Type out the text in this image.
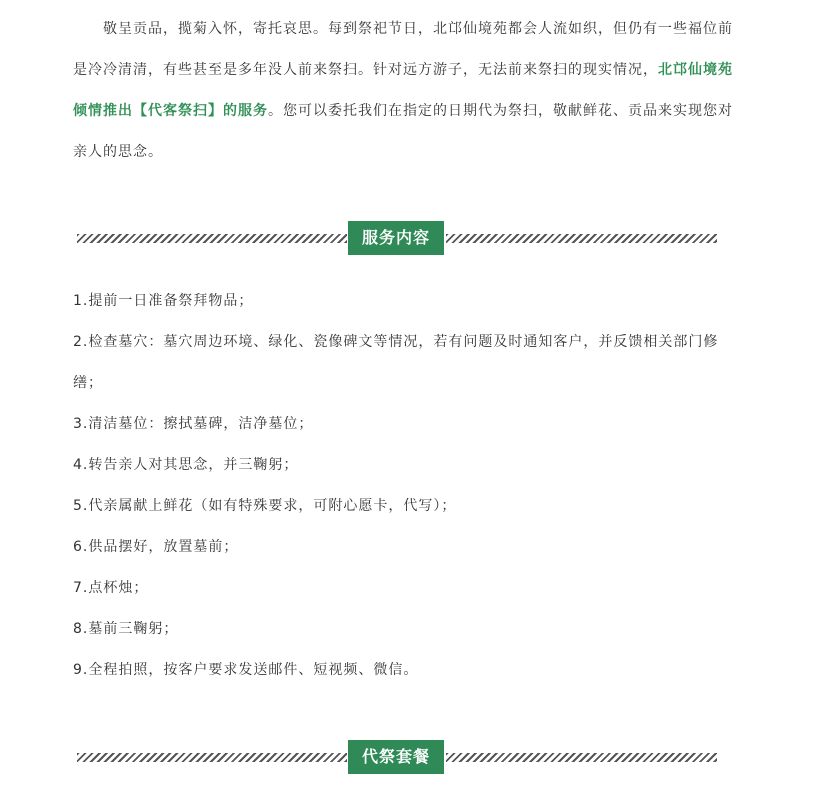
敬呈贡品，揽菊入怀，寄托哀思。每到祭祀节日，北邙仙境苑都会人流如织，但仍有一些福位前是冷冷清清，有些甚至是多年没人前来祭扫。针对远方游子，无法前来祭扫的现实情况，北邙仙境苑倾情推出【代客祭扫】的服务。您可以委托我们在指定的日期代为祭扫，敬献鲜花、贡品来实现您对亲人的思念。

服务内容
1.提前一日准备祭拜物品；
2.检查墓穴：墓穴周边环境、绿化、瓷像碑文等情况，若有问题及时通知客户，并反馈相关部门修缮；
3.清洁墓位：擦拭墓碑，洁净墓位；
4.转告亲人对其思念，并三鞠躬；
5.代亲属献上鲜花（如有特殊要求，可附心愿卡，代写）；
6.供品摆好，放置墓前；
7.点杯烛；
8.墓前三鞠躬；
9.全程拍照，按客户要求发送邮件、短视频、微信。
代祭套餐
